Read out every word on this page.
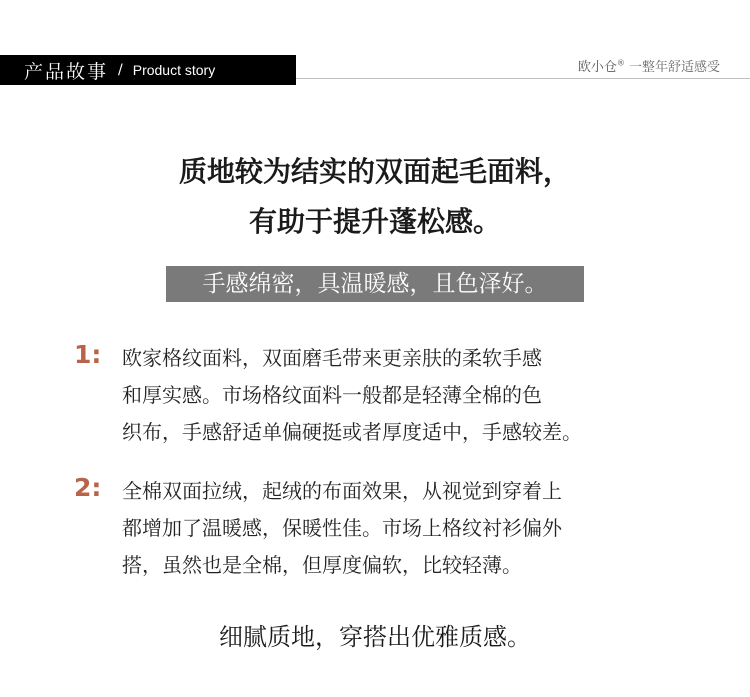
产品故事 / Product story	欧小仓® 一整年舒适感受
质地较为结实的双面起毛面料，
有助于提升蓬松感。
手感绵密，具温暖感，且色泽好。
1: 欧家格纹面料，双面磨毛带来更亲肤的柔软手感
和厚实感。市场格纹面料一般都是轻薄全棉的色
织布，手感舒适单偏硬挺或者厚度适中，手感较差。
2: 全棉双面拉绒，起绒的布面效果，从视觉到穿着上
都增加了温暖感，保暖性佳。市场上格纹衬衫偏外
搭，虽然也是全棉，但厚度偏软，比较轻薄。
细腻质地，穿搭出优雅质感。
